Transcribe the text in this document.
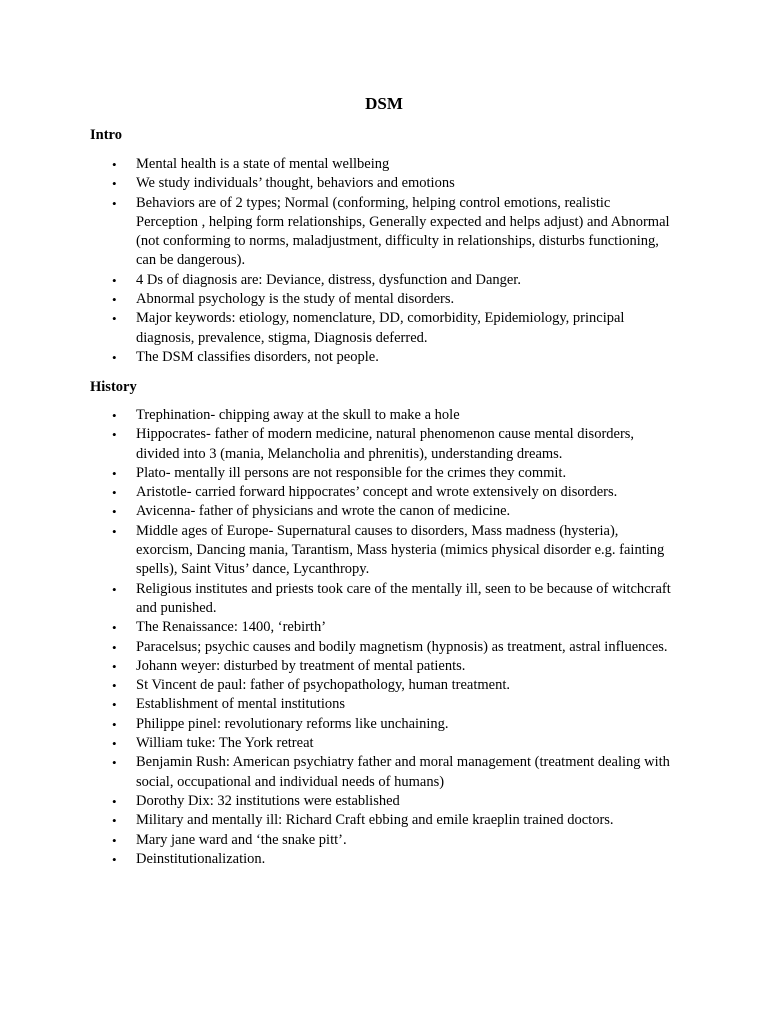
DSM
Intro
• Mental health is a state of mental wellbeing
• We study individuals’ thought, behaviors and emotions
• Behaviors are of 2 types; Normal (conforming, helping control emotions, realistic Perception , helping form relationships, Generally expected and helps adjust) and Abnormal (not conforming to norms, maladjustment, difficulty in relationships, disturbs functioning, can be dangerous).
• 4 Ds of diagnosis are: Deviance, distress, dysfunction and Danger.
• Abnormal psychology is the study of mental disorders.
• Major keywords: etiology, nomenclature, DD, comorbidity, Epidemiology, principal diagnosis, prevalence, stigma, Diagnosis deferred.
• The DSM classifies disorders, not people.
History
• Trephination- chipping away at the skull to make a hole
• Hippocrates- father of modern medicine, natural phenomenon cause mental disorders, divided into 3 (mania, Melancholia and phrenitis), understanding dreams.
• Plato- mentally ill persons are not responsible for the crimes they commit.
• Aristotle- carried forward hippocrates’ concept and wrote extensively on disorders.
• Avicenna- father of physicians and wrote the canon of medicine.
• Middle ages of Europe- Supernatural causes to disorders, Mass madness (hysteria), exorcism, Dancing mania, Tarantism, Mass hysteria (mimics physical disorder e.g. fainting spells), Saint Vitus’ dance, Lycanthropy.
• Religious institutes and priests took care of the mentally ill, seen to be because of witchcraft and punished.
• The Renaissance: 1400, ‘rebirth’
• Paracelsus; psychic causes and bodily magnetism (hypnosis) as treatment, astral influences.
• Johann weyer: disturbed by treatment of mental patients.
• St Vincent de paul: father of psychopathology, human treatment.
• Establishment of mental institutions
• Philippe pinel: revolutionary reforms like unchaining.
• William tuke: The York retreat
• Benjamin Rush: American psychiatry father and moral management (treatment dealing with social, occupational and individual needs of humans)
• Dorothy Dix: 32 institutions were established
• Military and mentally ill: Richard Craft ebbing and emile kraeplin trained doctors.
• Mary jane ward and ‘the snake pitt’.
• Deinstitutionalization.
